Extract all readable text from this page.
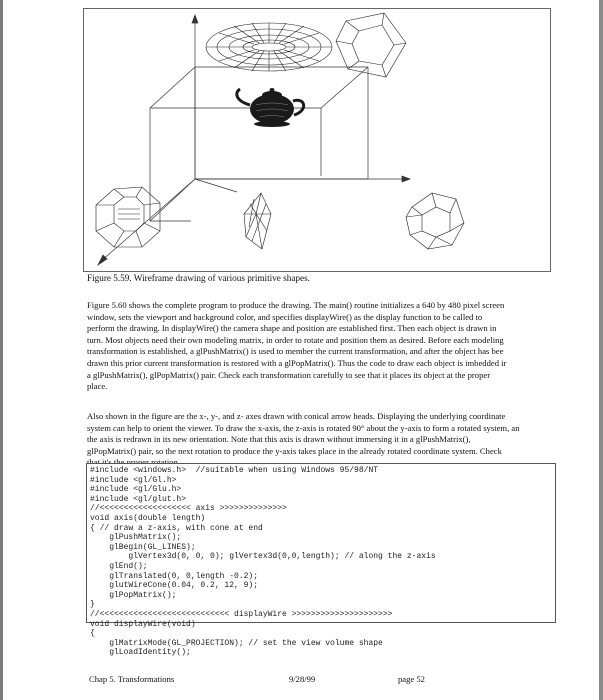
Figure 5.59. Wireframe drawing of various primitive shapes.
Figure 5.60 shows the complete program to produce the drawing. The main() routine initializes a 640 by 480 pixel screen
window, sets the viewport and background color, and specifies displayWire() as the display function to be called to
perform the drawing. In displayWire() the camera shape and position are established first. Then each object is drawn in
turn. Most objects need their own modeling matrix, in order to rotate and position them as desired. Before each modeling
transformation is established, a glPushMatrix() is used to member the current transformation, and after the object has bee
drawn this prior current transformation is restored with a glPopMatrix(). Thus the code to draw each object is imbedded ir
a glPushMatrix(), glPopMatrix() pair. Check each transformation carefully to see that it places its object at the proper
place.
Also shown in the figure are the x-, y-, and z- axes drawn with conical arrow heads. Displaying the underlying coordinate
system can help to orient the viewer. To draw the x-axis, the z-axis is rotated 90° about the y-axis to form a rotated system, an
the axis is redrawn in its new orientation. Note that this axis is drawn without immersing it in a glPushMatrix(),
glPopMatrix() pair, so the next rotation to produce the y-axis takes place in the already rotated coordinate system. Check
#include <windows.h>  //suitable when using Windows 95/98/NT
#include <gl/Gl.h>
#include <gl/Glu.h>
#include <gl/glut.h>
//<<<<<<<<<<<<<<<<<<< axis >>>>>>>>>>>>>>
void axis(double length)
{ // draw a z-axis, with cone at end
glPushMatrix();
glBegin(GL_LINES);
glVertex3d(0, 0, 0); glVertex3d(0,0,length); // along the z-axis
glEnd();
glTranslated(0, 0,length -0.2);
glutWireCone(0.04, 0.2, 12, 9);
glPopMatrix();
}
//<<<<<<<<<<<<<<<<<<<<<<<<<<< displayWire >>>>>>>>>>>>>>>>>>>>>
void displayWire(void)
{
glMatrixMode(GL_PROJECTION); // set the view volume shape
glLoadIdentity();
Chap 5. Transformations	9/28/99	page 52
